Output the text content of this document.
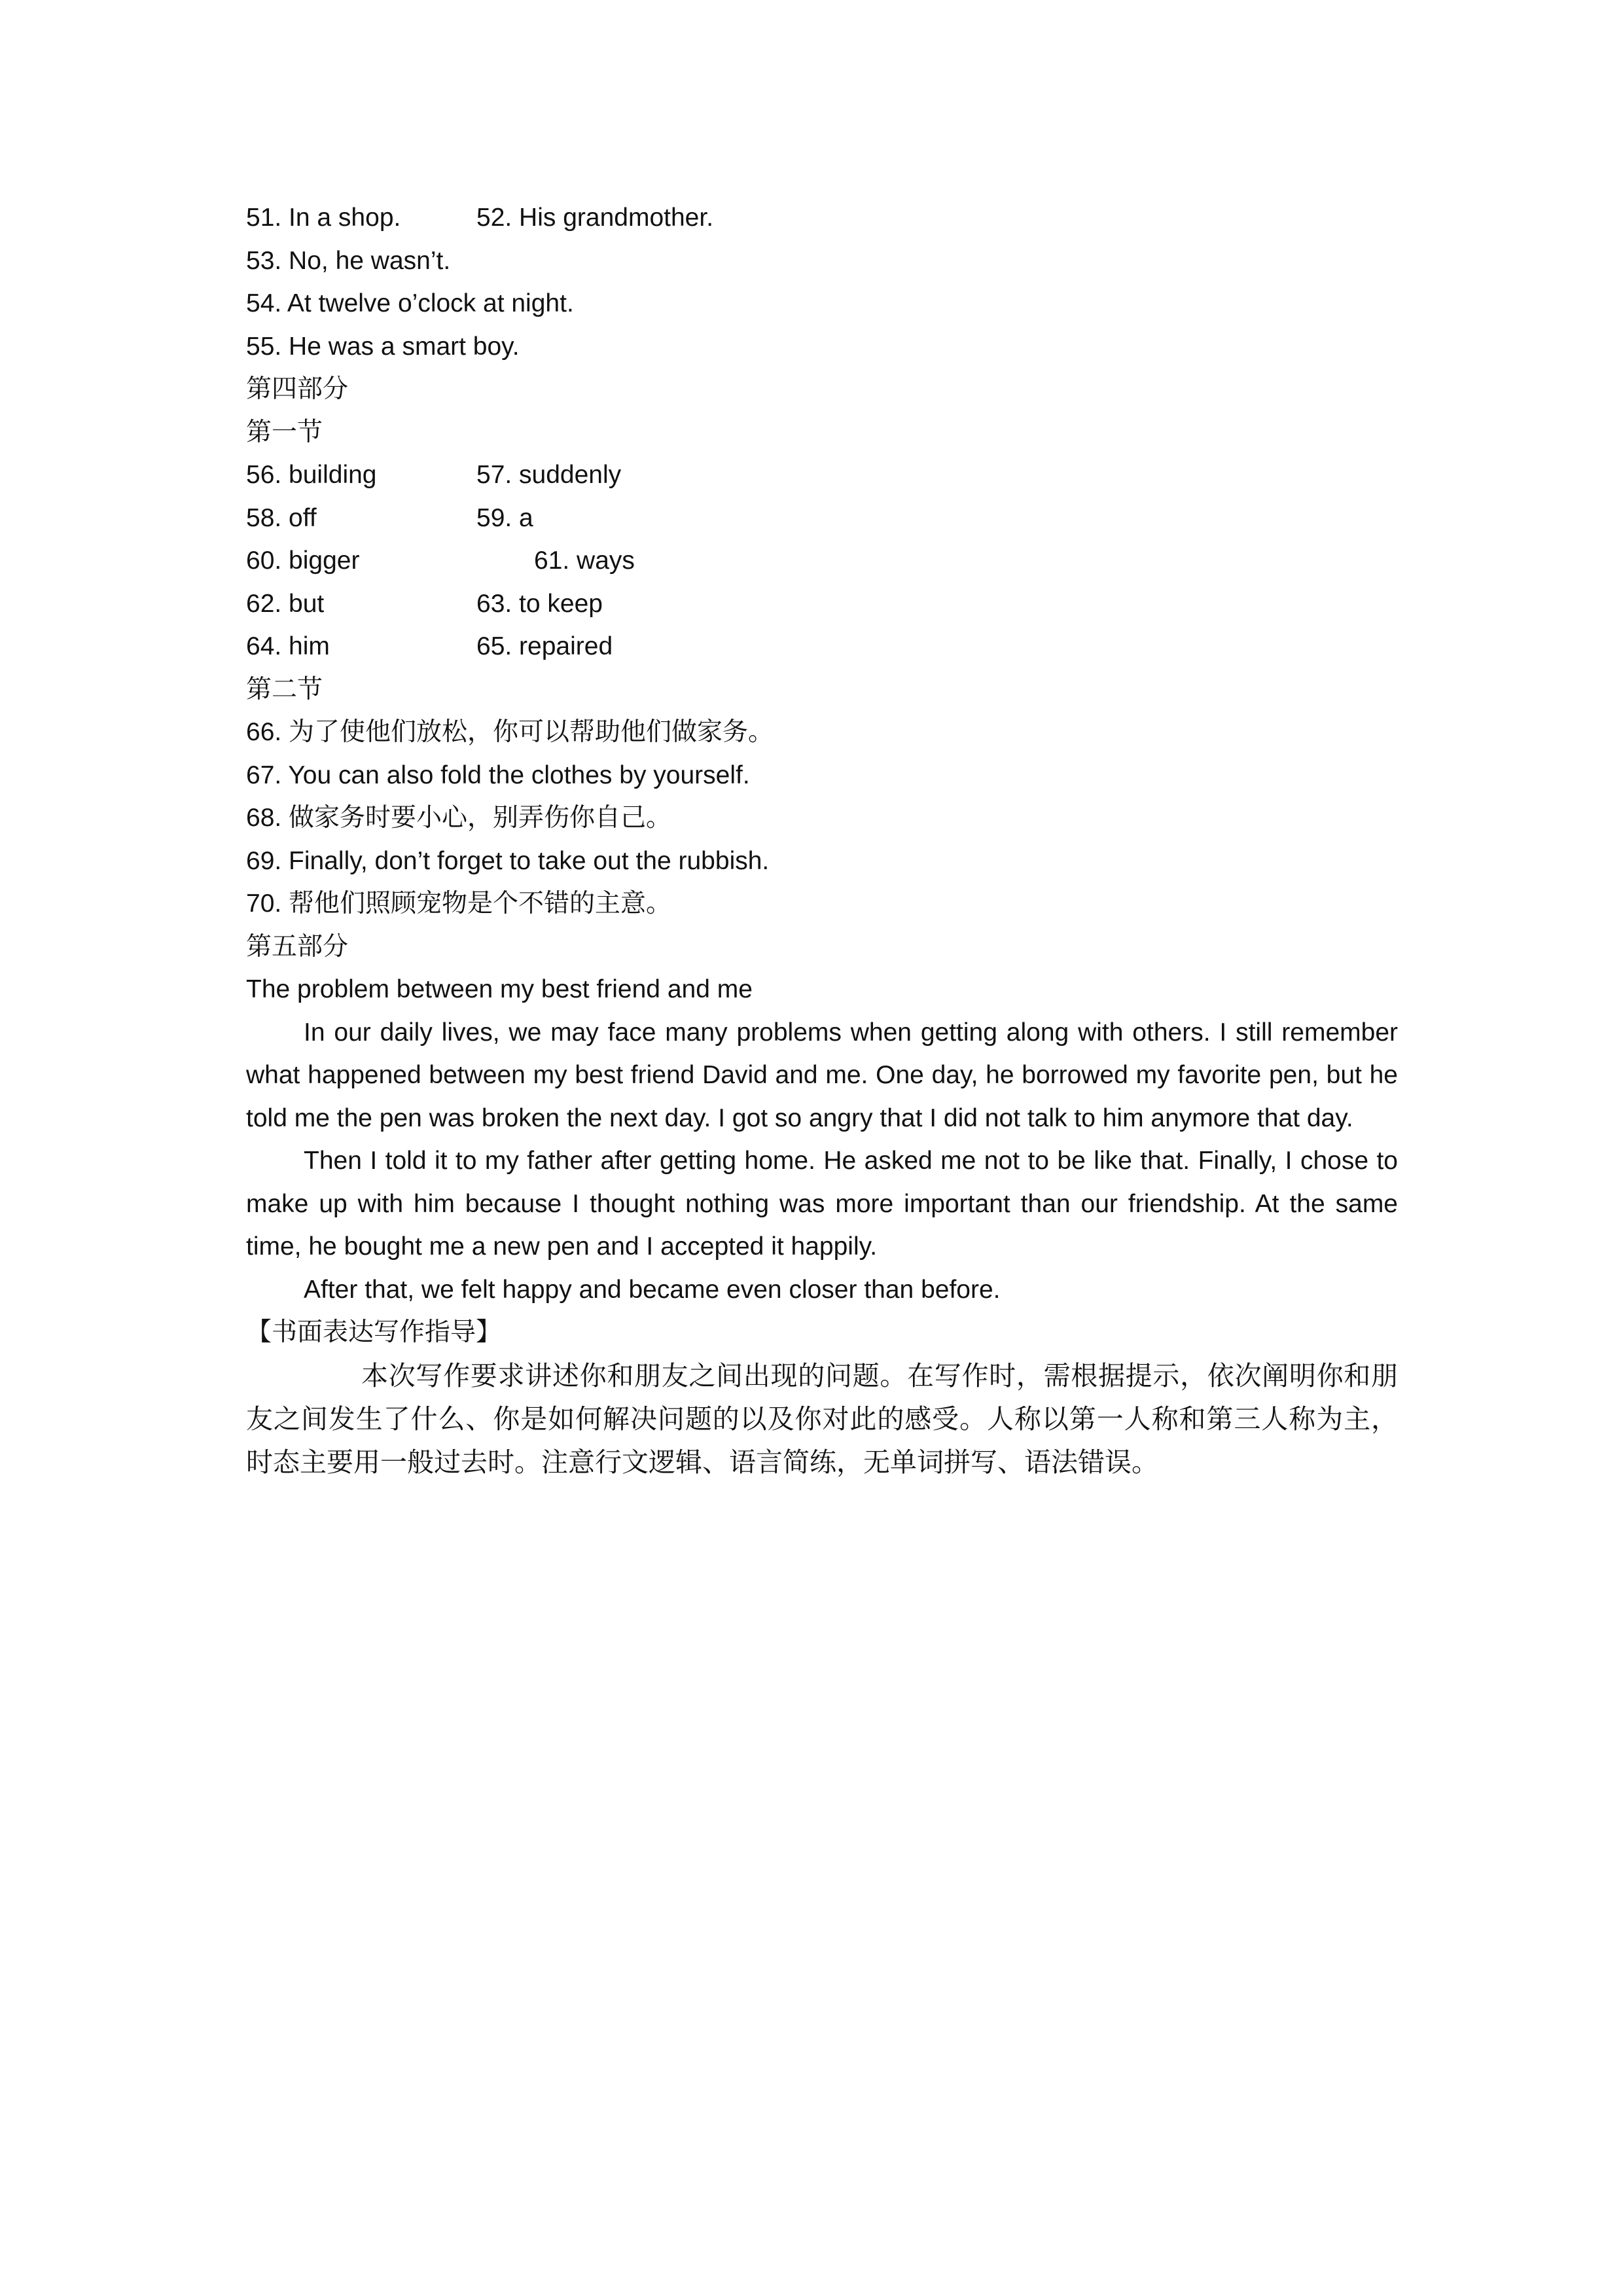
51. In a shop.	52. His grandmother.
53. No, he wasn’t.
54. At twelve o’clock at night.
55. He was a smart boy.
第四部分
第一节
56. building	57. suddenly
58. off	59. a
60. bigger	61. ways
62. but	63. to keep
64. him	65. repaired
第二节
66. 为了使他们放松，你可以帮助他们做家务。
67. You can also fold the clothes by yourself.
68. 做家务时要小心，别弄伤你自己。
69. Finally, don’t forget to take out the rubbish.
70. 帮他们照顾宠物是个不错的主意。
第五部分
The problem between my best friend and me

In our daily lives, we may face many problems when getting along with others. I still remember what happened between my best friend David and me. One day, he borrowed my favorite pen, but he told me the pen was broken the next day. I got so angry that I did not talk to him anymore that day.

Then I told it to my father after getting home. He asked me not to be like that. Finally, I chose to make up with him because I thought nothing was more important than our friendship. At the same time, he bought me a new pen and I accepted it happily.

After that, we felt happy and became even closer than before.

【书面表达写作指导】

本次写作要求讲述你和朋友之间出现的问题。在写作时，需根据提示，依次阐明你和朋友之间发生了什么、你是如何解决问题的以及你对此的感受。人称以第一人称和第三人称为主，时态主要用一般过去时。注意行文逻辑、语言简练，无单词拼写、语法错误。
